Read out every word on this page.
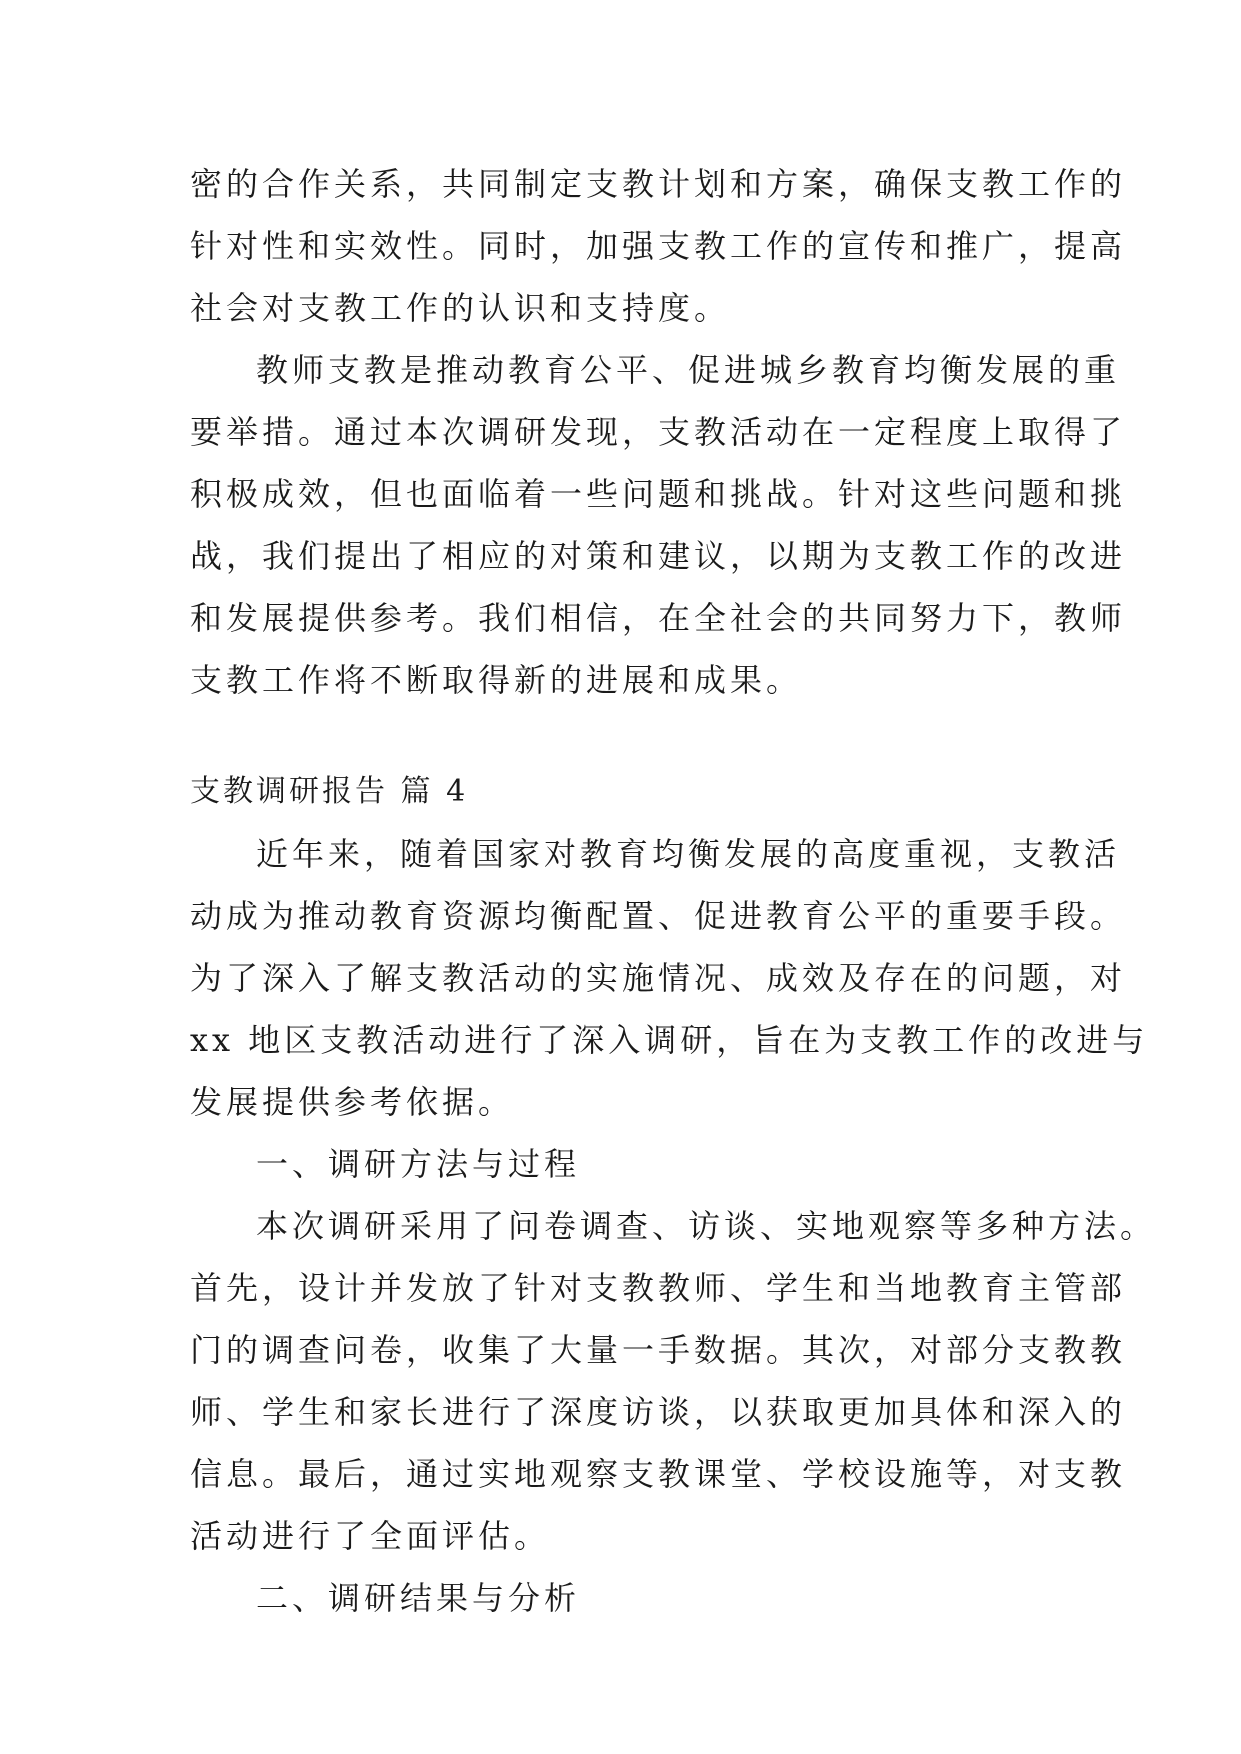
密的合作关系，共同制定支教计划和方案，确保支教工作的
针对性和实效性。同时，加强支教工作的宣传和推广，提高
社会对支教工作的认识和支持度。
教师支教是推动教育公平、促进城乡教育均衡发展的重
要举措。通过本次调研发现，支教活动在一定程度上取得了
积极成效，但也面临着一些问题和挑战。针对这些问题和挑
战，我们提出了相应的对策和建议，以期为支教工作的改进
和发展提供参考。我们相信，在全社会的共同努力下，教师
支教工作将不断取得新的进展和成果。
支教调研报告 篇 4
近年来，随着国家对教育均衡发展的高度重视，支教活
动成为推动教育资源均衡配置、促进教育公平的重要手段。
为了深入了解支教活动的实施情况、成效及存在的问题，对
xx 地区支教活动进行了深入调研，旨在为支教工作的改进与
发展提供参考依据。
一、调研方法与过程
本次调研采用了问卷调查、访谈、实地观察等多种方法。
首先，设计并发放了针对支教教师、学生和当地教育主管部
门的调查问卷，收集了大量一手数据。其次，对部分支教教
师、学生和家长进行了深度访谈，以获取更加具体和深入的
信息。最后，通过实地观察支教课堂、学校设施等，对支教
活动进行了全面评估。
二、调研结果与分析
